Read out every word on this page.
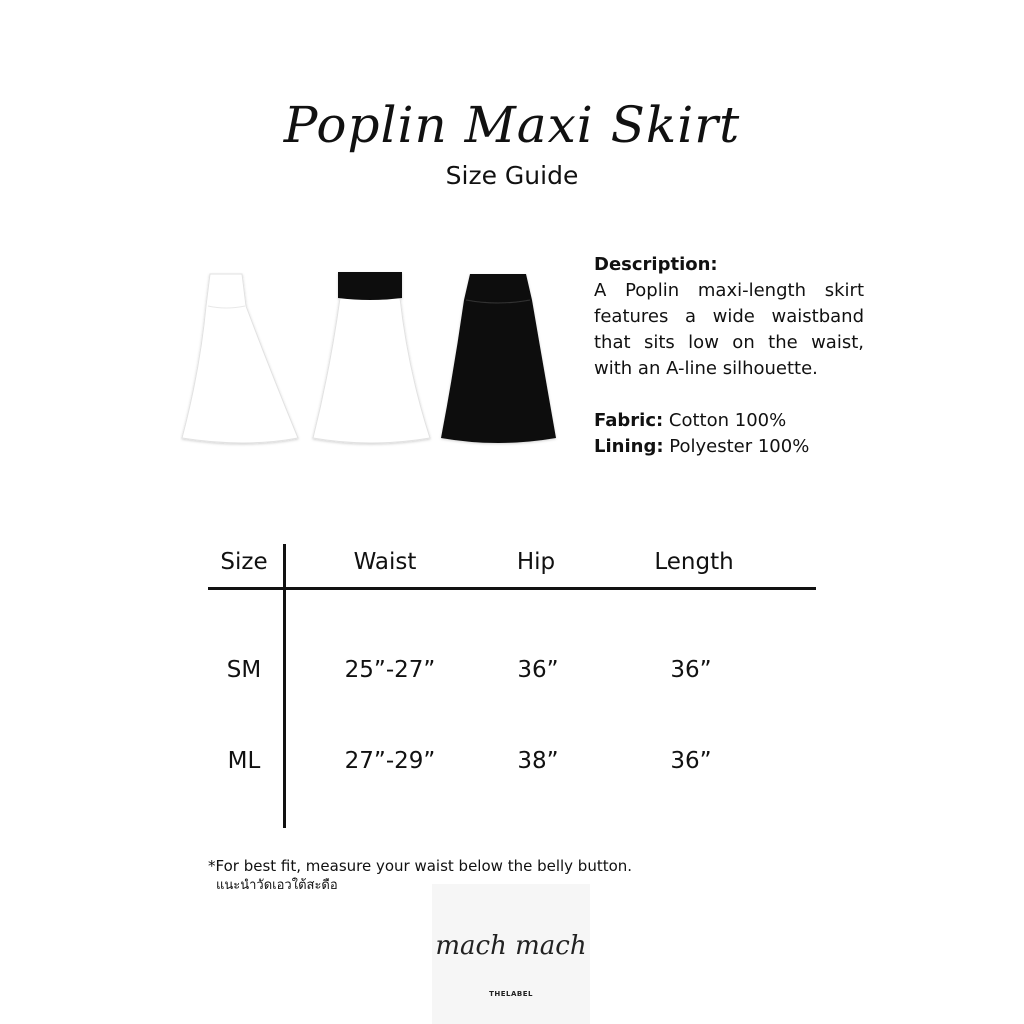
Poplin Maxi Skirt
Size Guide

Description:

A Poplin maxi-length skirt features a wide waistband that sits low on the waist, with an A-line silhouette.

Fabric: Cotton 100%

Lining: Polyester 100%

Size	Waist	Hip	Length
SM	25”-27”	36”	36”
ML	27”-29”	38”	36”
*For best fit, measure your waist below the belly button.
แนะนำวัดเอวใต้สะดือ
mach mach
THELABEL
